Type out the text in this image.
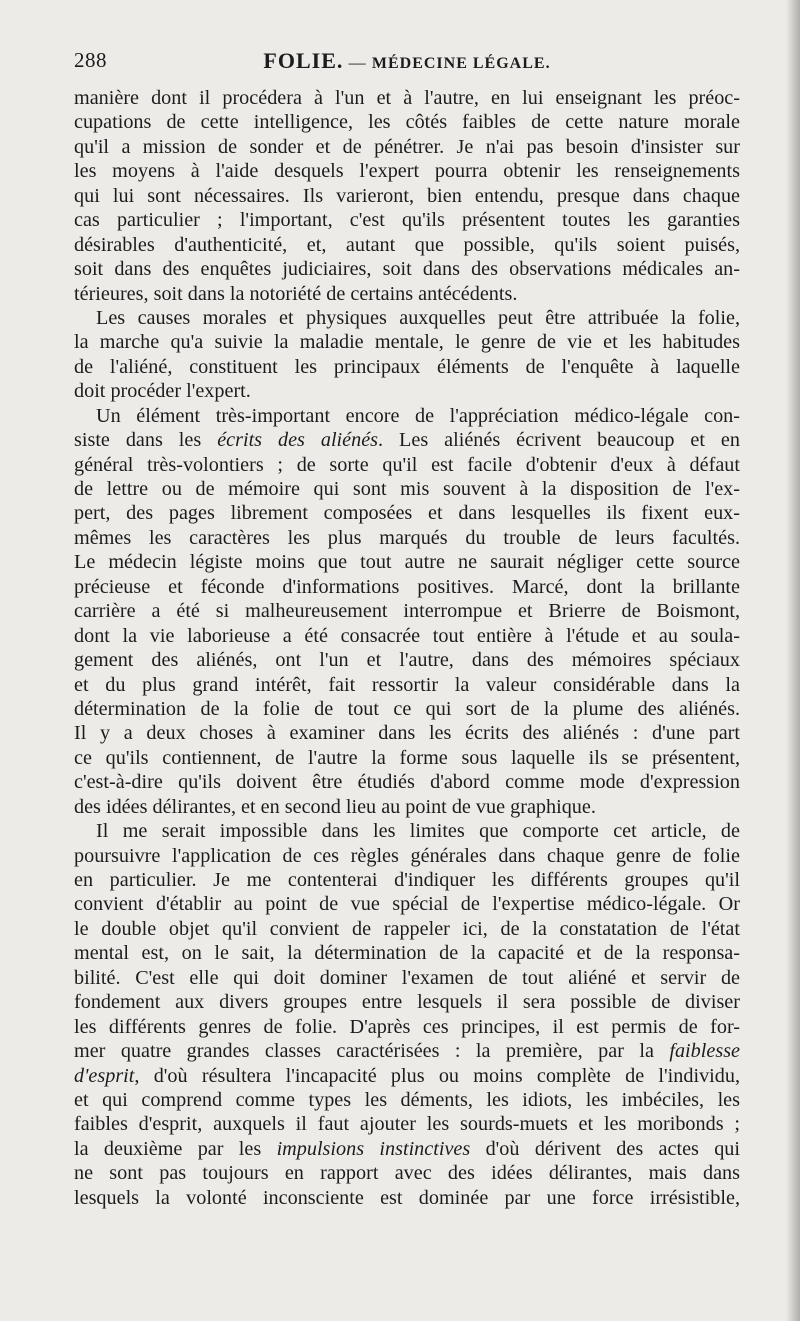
288	FOLIE. — MÉDECINE LÉGALE.
manière dont il procédera à l'un et à l'autre, en lui enseignant les préoc-
cupations de cette intelligence, les côtés faibles de cette nature morale
qu'il a mission de sonder et de pénétrer. Je n'ai pas besoin d'insister sur
les moyens à l'aide desquels l'expert pourra obtenir les renseignements
qui lui sont nécessaires. Ils varieront, bien entendu, presque dans chaque
cas particulier ; l'important, c'est qu'ils présentent toutes les garanties
désirables d'authenticité, et, autant que possible, qu'ils soient puisés,
soit dans des enquêtes judiciaires, soit dans des observations médicales an-
térieures, soit dans la notoriété de certains antécédents.
Les causes morales et physiques auxquelles peut être attribuée la folie,
la marche qu'a suivie la maladie mentale, le genre de vie et les habitudes
de l'aliéné, constituent les principaux éléments de l'enquête à laquelle
doit procéder l'expert.
Un élément très-important encore de l'appréciation médico-légale con-
siste dans les écrits des aliénés. Les aliénés écrivent beaucoup et en
général très-volontiers ; de sorte qu'il est facile d'obtenir d'eux à défaut
de lettre ou de mémoire qui sont mis souvent à la disposition de l'ex-
pert, des pages librement composées et dans lesquelles ils fixent eux-
mêmes les caractères les plus marqués du trouble de leurs facultés.
Le médecin légiste moins que tout autre ne saurait négliger cette source
précieuse et féconde d'informations positives. Marcé, dont la brillante
carrière a été si malheureusement interrompue et Brierre de Boismont,
dont la vie laborieuse a été consacrée tout entière à l'étude et au soula-
gement des aliénés, ont l'un et l'autre, dans des mémoires spéciaux
et du plus grand intérêt, fait ressortir la valeur considérable dans la
détermination de la folie de tout ce qui sort de la plume des aliénés.
Il y a deux choses à examiner dans les écrits des aliénés : d'une part
ce qu'ils contiennent, de l'autre la forme sous laquelle ils se présentent,
c'est-à-dire qu'ils doivent être étudiés d'abord comme mode d'expression
des idées délirantes, et en second lieu au point de vue graphique.
Il me serait impossible dans les limites que comporte cet article, de
poursuivre l'application de ces règles générales dans chaque genre de folie
en particulier. Je me contenterai d'indiquer les différents groupes qu'il
convient d'établir au point de vue spécial de l'expertise médico-légale. Or
le double objet qu'il convient de rappeler ici, de la constatation de l'état
mental est, on le sait, la détermination de la capacité et de la responsa-
bilité. C'est elle qui doit dominer l'examen de tout aliéné et servir de
fondement aux divers groupes entre lesquels il sera possible de diviser
les différents genres de folie. D'après ces principes, il est permis de for-
mer quatre grandes classes caractérisées : la première, par la faiblesse
d'esprit, d'où résultera l'incapacité plus ou moins complète de l'individu,
et qui comprend comme types les déments, les idiots, les imbéciles, les
faibles d'esprit, auxquels il faut ajouter les sourds-muets et les moribonds ;
la deuxième par les impulsions instinctives d'où dérivent des actes qui
ne sont pas toujours en rapport avec des idées délirantes, mais dans
lesquels la volonté inconsciente est dominée par une force irrésistible,
